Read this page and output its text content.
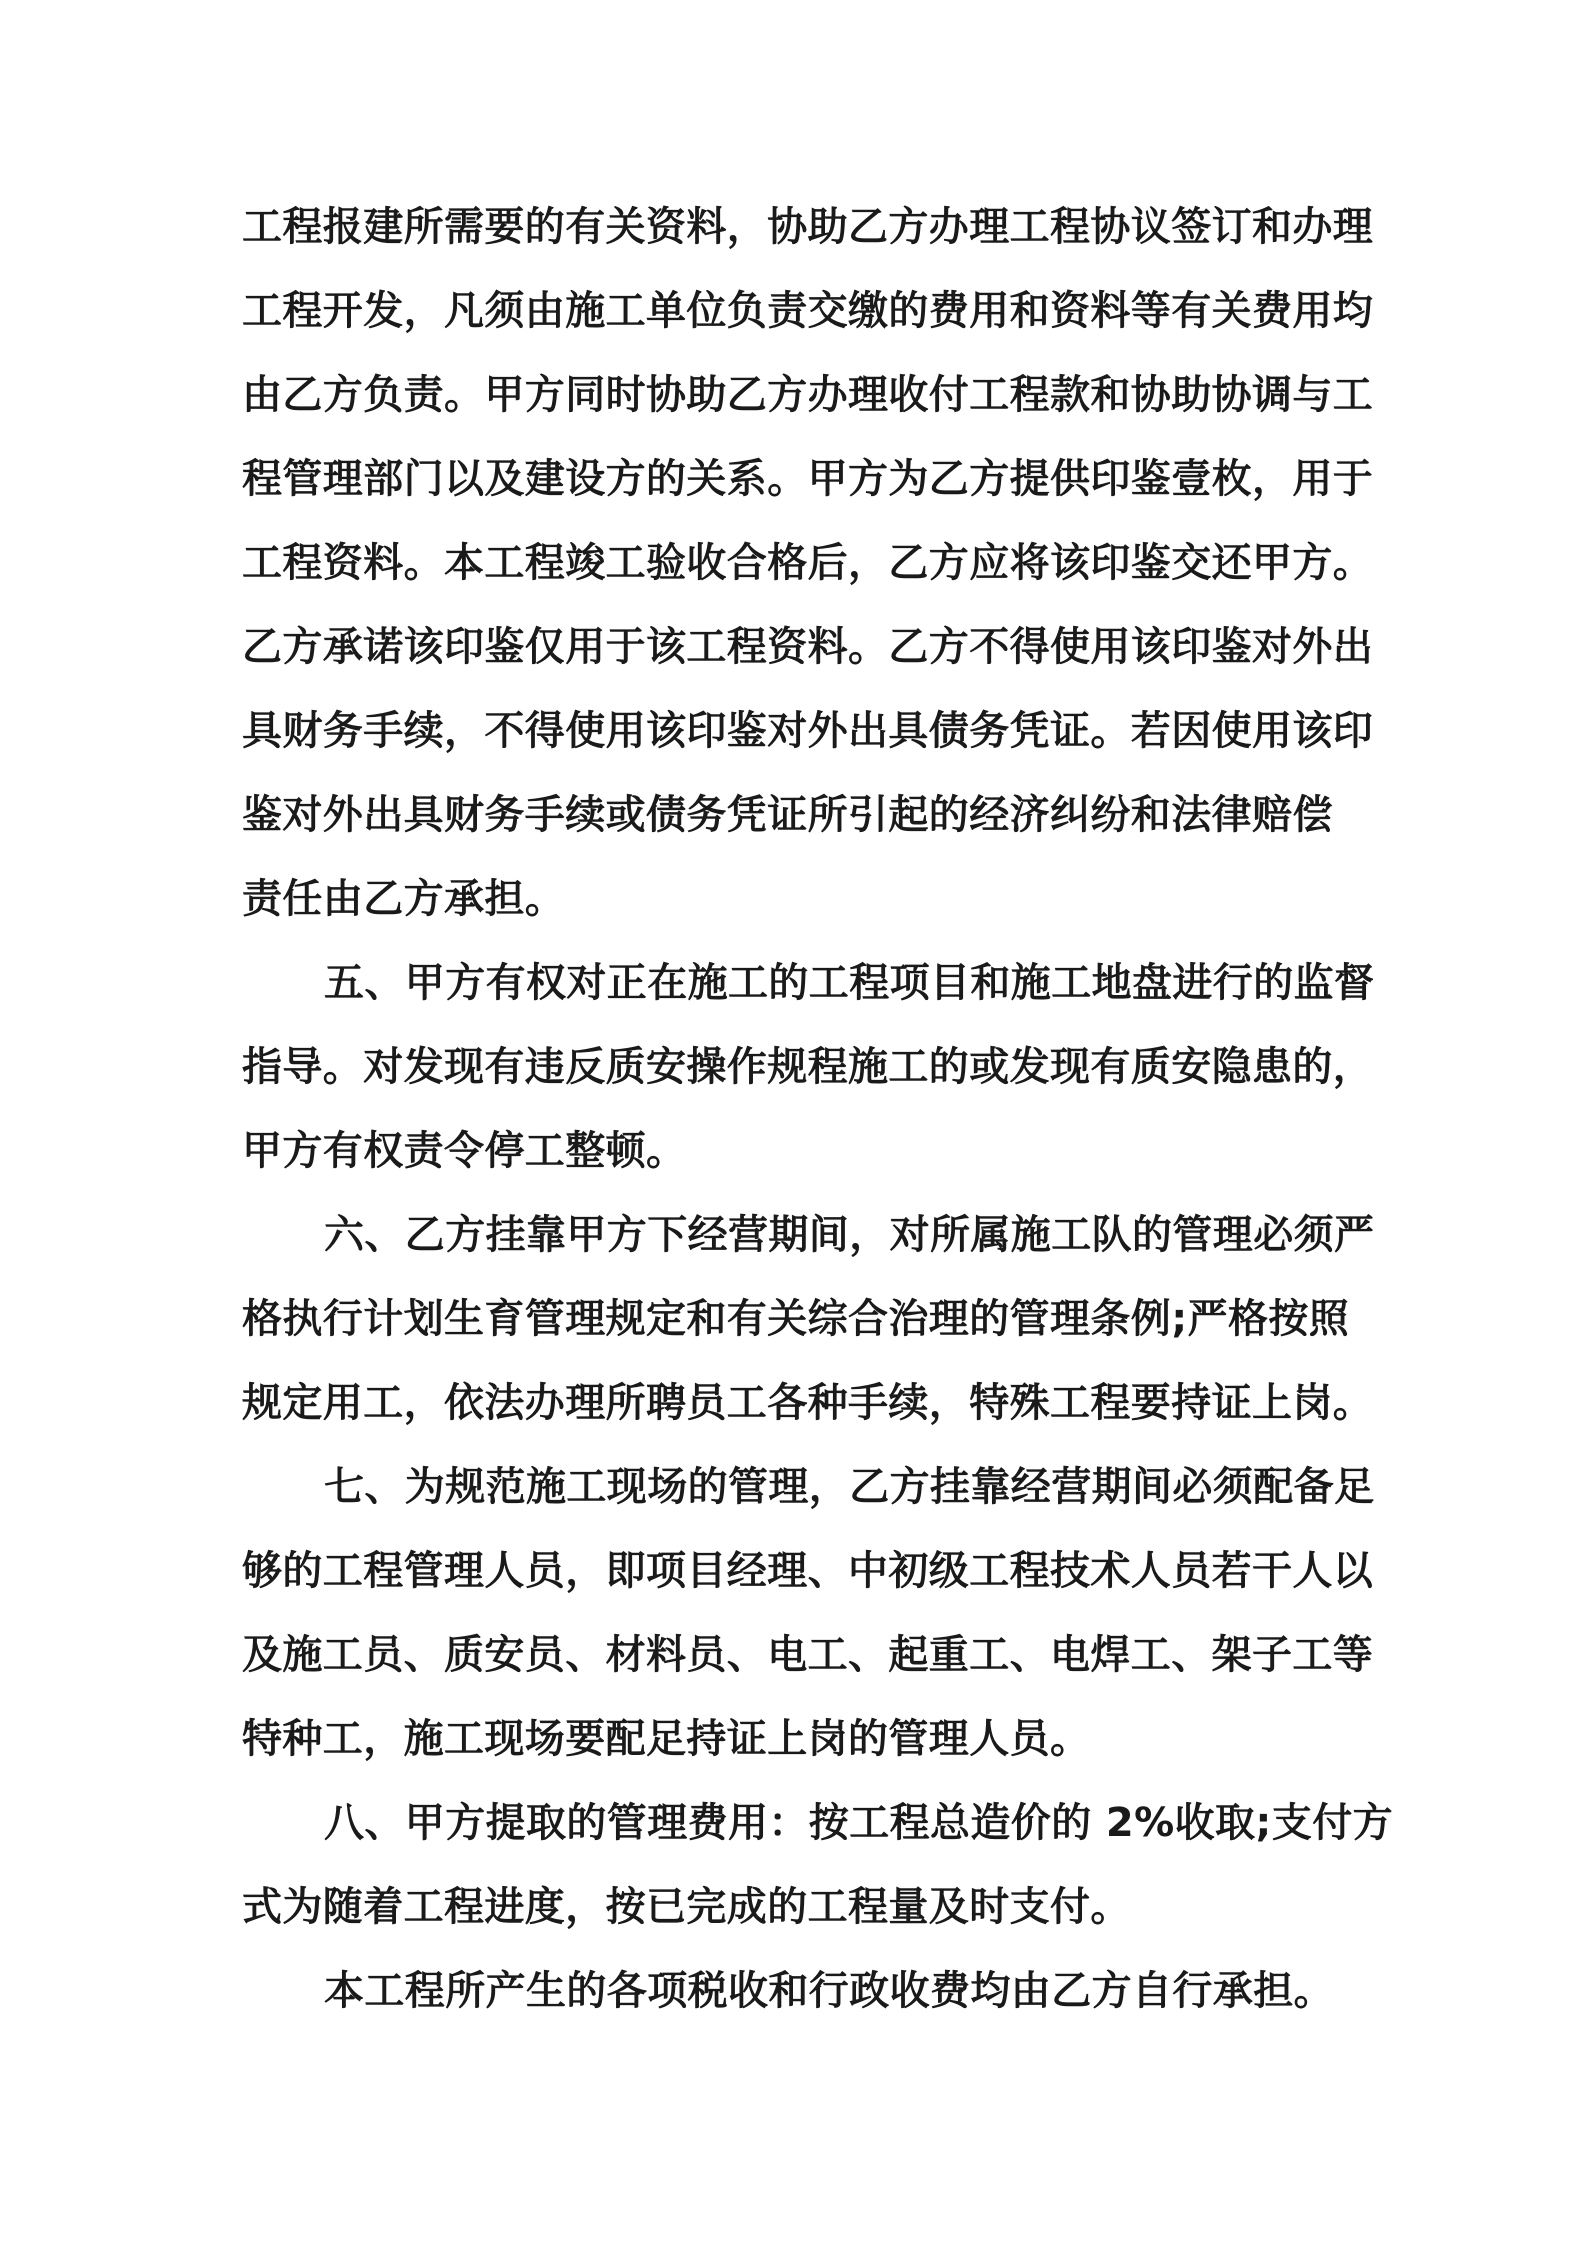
工程报建所需要的有关资料，协助乙方办理工程协议签订和办理
工程开发，凡须由施工单位负责交缴的费用和资料等有关费用均
由乙方负责。甲方同时协助乙方办理收付工程款和协助协调与工
程管理部门以及建设方的关系。甲方为乙方提供印鉴壹枚，用于
工程资料。本工程竣工验收合格后，乙方应将该印鉴交还甲方。
乙方承诺该印鉴仅用于该工程资料。乙方不得使用该印鉴对外出
具财务手续，不得使用该印鉴对外出具债务凭证。若因使用该印
鉴对外出具财务手续或债务凭证所引起的经济纠纷和法律赔偿
责任由乙方承担。

五、甲方有权对正在施工的工程项目和施工地盘进行的监督
指导。对发现有违反质安操作规程施工的或发现有质安隐患的，
甲方有权责令停工整顿。

六、乙方挂靠甲方下经营期间，对所属施工队的管理必须严
格执行计划生育管理规定和有关综合治理的管理条例;严格按照
规定用工，依法办理所聘员工各种手续，特殊工程要持证上岗。

七、为规范施工现场的管理，乙方挂靠经营期间必须配备足
够的工程管理人员，即项目经理、中初级工程技术人员若干人以
及施工员、质安员、材料员、电工、起重工、电焊工、架子工等
特种工，施工现场要配足持证上岗的管理人员。

八、甲方提取的管理费用：按工程总造价的 2%收取;支付方
式为随着工程进度，按已完成的工程量及时支付。

本工程所产生的各项税收和行政收费均由乙方自行承担。
